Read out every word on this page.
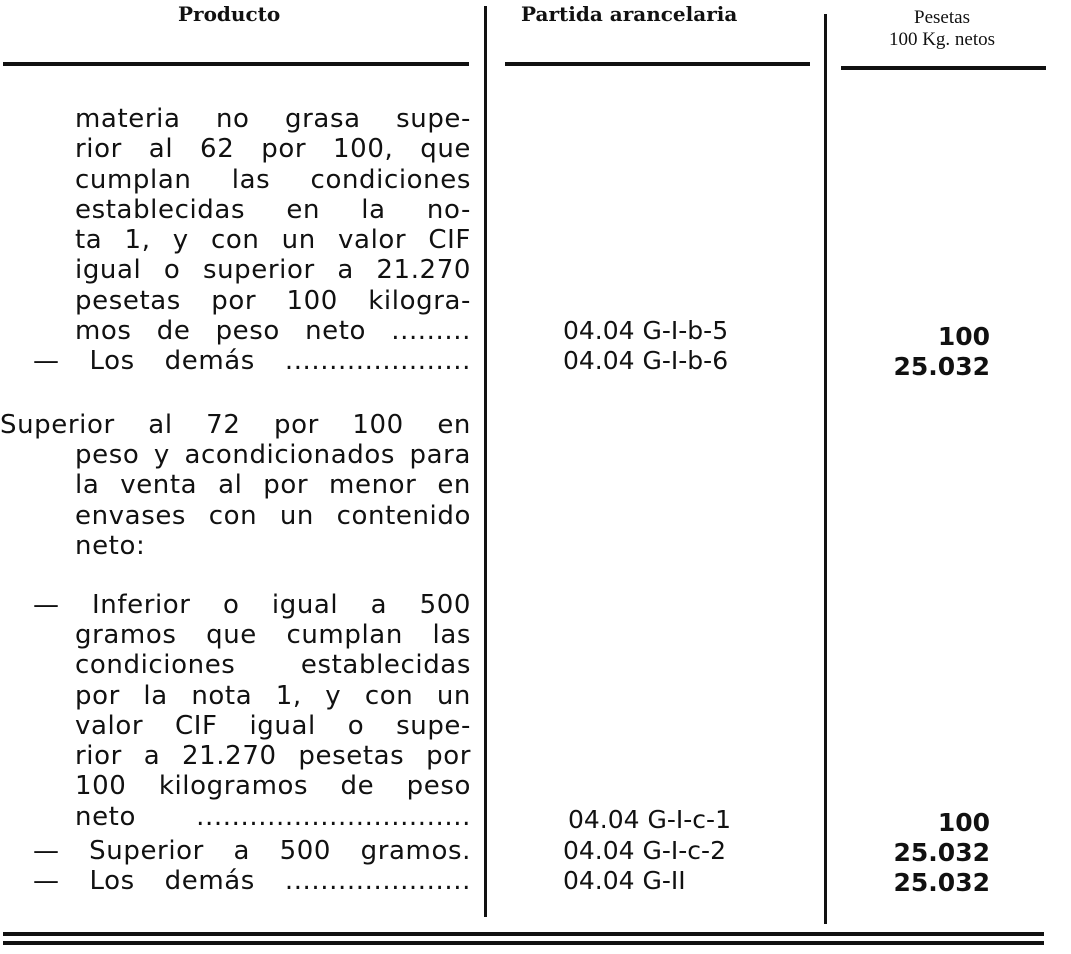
Producto	Partida arancelaria	Pesetas
100 Kg. netos
materia no grasa supe-
rior al 62 por 100, que
cumplan las condiciones
establecidas en la no-
ta 1, y con un valor CIF
igual o superior a 21.270
pesetas por 100 kilogra-
mos de peso neto .........
— Los demás .....................
Superior al 72 por 100 en
peso y acondicionados para
la venta al por menor en
envases con un contenido
neto:
— Inferior o igual a 500
gramos que cumplan las
condiciones establecidas
por la nota 1, y con un
valor CIF igual o supe-
rior a 21.270 pesetas por
100 kilogramos de peso
neto ...............................
— Superior a 500 gramos.
— Los demás .....................
04.04 G-I-b-5
04.04 G-I-b-6
04.04 G-I-c-1
04.04 G-I-c-2
04.04 G-II
100
25.032
100
25.032
25.032
